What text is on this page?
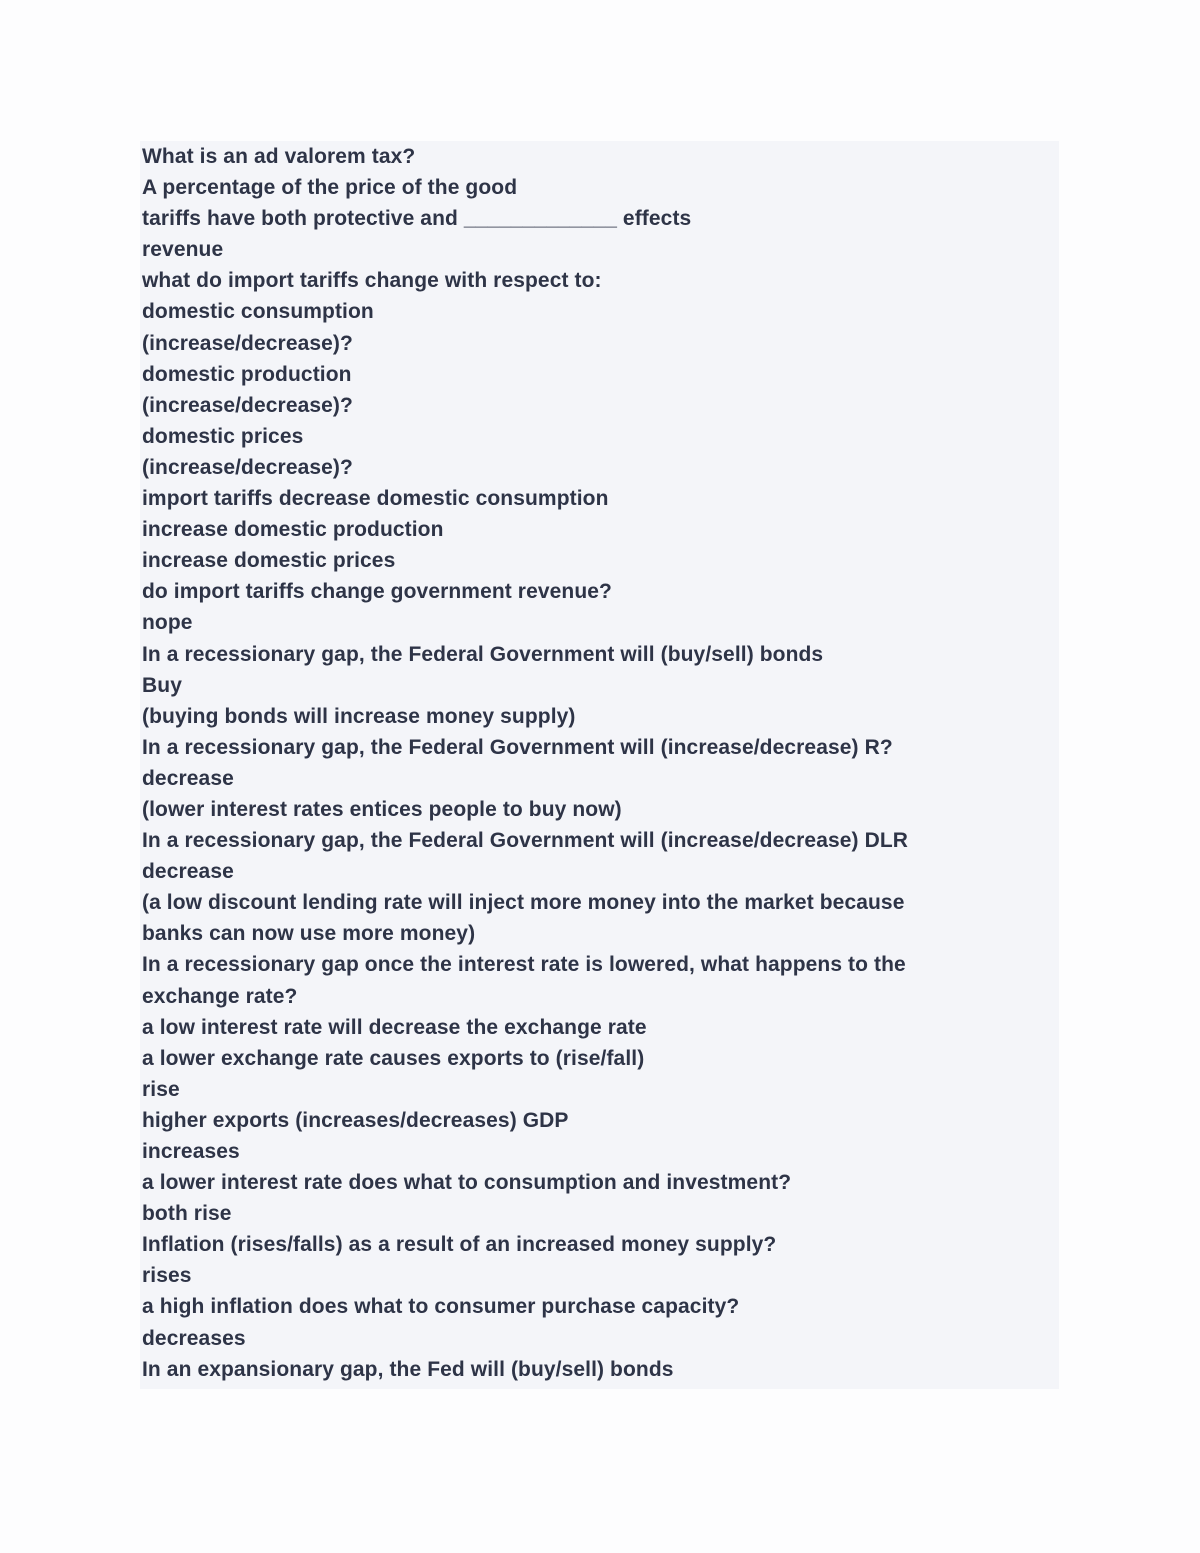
What is an ad valorem tax?
A percentage of the price of the good
tariffs have both protective and _____________ effects
revenue
what do import tariffs change with respect to:
domestic consumption
(increase/decrease)?
domestic production
(increase/decrease)?
domestic prices
(increase/decrease)?
import tariffs decrease domestic consumption
increase domestic production
increase domestic prices
do import tariffs change government revenue?
nope
In a recessionary gap, the Federal Government will (buy/sell) bonds
Buy
(buying bonds will increase money supply)
In a recessionary gap, the Federal Government will (increase/decrease) R?
decrease
(lower interest rates entices people to buy now)
In a recessionary gap, the Federal Government will (increase/decrease) DLR
decrease
(a low discount lending rate will inject more money into the market because
banks can now use more money)
In a recessionary gap once the interest rate is lowered, what happens to the
exchange rate?
a low interest rate will decrease the exchange rate
a lower exchange rate causes exports to (rise/fall)
rise
higher exports (increases/decreases) GDP
increases
a lower interest rate does what to consumption and investment?
both rise
Inflation (rises/falls) as a result of an increased money supply?
rises
a high inflation does what to consumer purchase capacity?
decreases
In an expansionary gap, the Fed will (buy/sell) bonds
